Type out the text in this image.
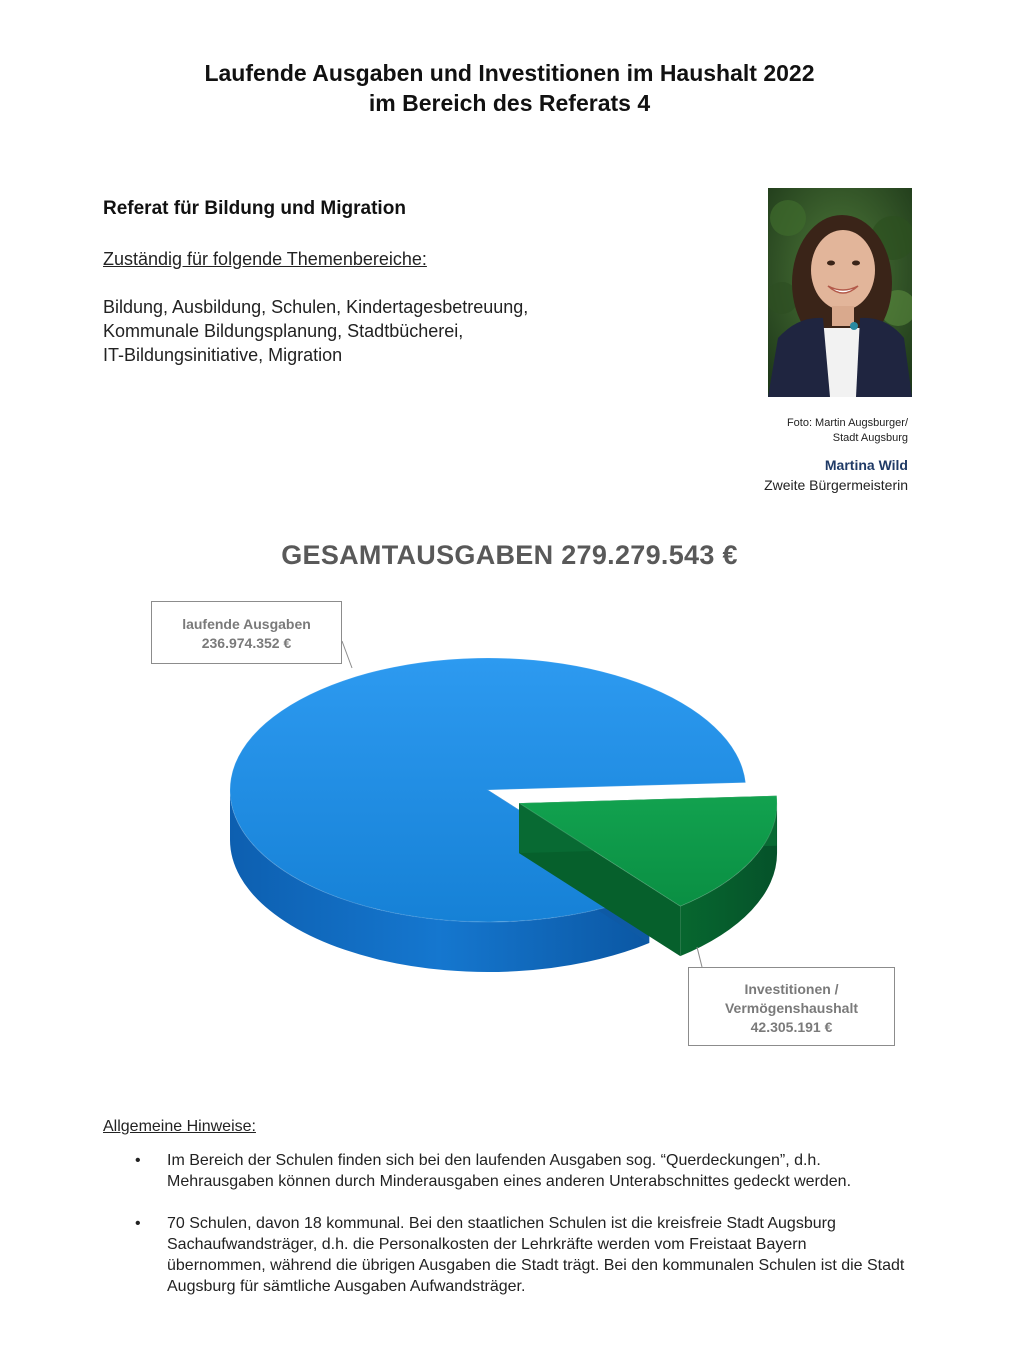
Laufende Ausgaben und Investitionen im Haushalt 2022
im Bereich des Referats 4
Referat für Bildung und Migration
Zuständig für folgende Themenbereiche:
Bildung, Ausbildung, Schulen, Kindertagesbetreuung,
Kommunale Bildungsplanung, Stadtbücherei,
IT-Bildungsinitiative, Migration
Foto: Martin Augsburger/
Stadt Augsburg
Martina Wild
Zweite Bürgermeisterin
GESAMTAUSGABEN 279.279.543 €
laufende Ausgaben
236.974.352 €
Investitionen /
Vermögenshaushalt
42.305.191 €
Allgemeine Hinweise:
• Im Bereich der Schulen finden sich bei den laufenden Ausgaben sog. “Querdeckungen”, d.h. Mehrausgaben können durch Minderausgaben eines anderen Unterabschnittes gedeckt werden.
• 70 Schulen, davon 18 kommunal. Bei den staatlichen Schulen ist die kreisfreie Stadt Augsburg Sachaufwandsträger, d.h. die Personalkosten der Lehrkräfte werden vom Freistaat Bayern übernommen, während die übrigen Ausgaben die Stadt trägt. Bei den kommunalen Schulen ist die Stadt Augsburg für sämtliche Ausgaben Aufwandsträger.
